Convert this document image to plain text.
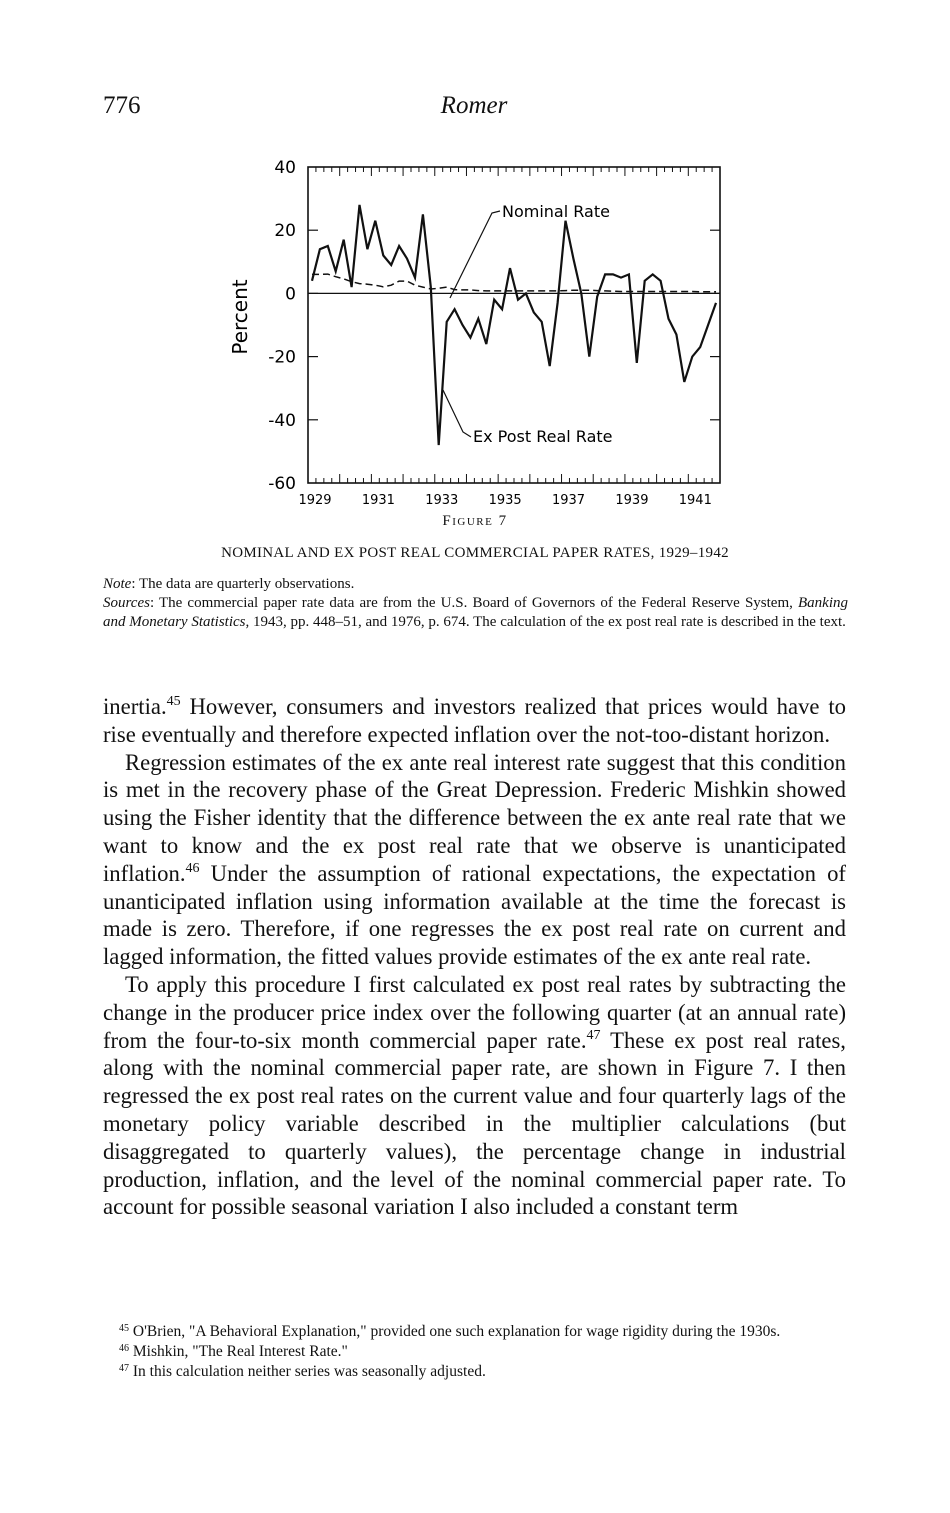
776	Romer
40
20
0
-20
-40
-60
1929 1931 1933 1935 1937 1939 1941
Percent
Nominal Rate
Ex Post Real Rate
Figure 7
NOMINAL AND EX POST REAL COMMERCIAL PAPER RATES, 1929–1942

Note: The data are quarterly observations.

Sources: The commercial paper rate data are from the U.S. Board of Governors of the Federal Reserve System, Banking and Monetary Statistics, 1943, pp. 448–51, and 1976, p. 674. The calculation of the ex post real rate is described in the text.

inertia.$^{45}$ However, consumers and investors realized that prices would have to rise eventually and therefore expected inflation over the not-too-distant horizon.

Regression estimates of the ex ante real interest rate suggest that this condition is met in the recovery phase of the Great Depression. Frederic Mishkin showed using the Fisher identity that the difference between the ex ante real rate that we want to know and the ex post real rate that we observe is unanticipated inflation.$^{46}$ Under the assumption of rational expectations, the expectation of unanticipated inflation using information available at the time the forecast is made is zero. Therefore, if one regresses the ex post real rate on current and lagged information, the fitted values provide estimates of the ex ante real rate.

To apply this procedure I first calculated ex post real rates by subtracting the change in the producer price index over the following quarter (at an annual rate) from the four-to-six month commercial paper rate.$^{47}$ These ex post real rates, along with the nominal commercial paper rate, are shown in Figure 7. I then regressed the ex post real rates on the current value and four quarterly lags of the monetary policy variable described in the multiplier calculations (but disaggregated to quarterly values), the percentage change in industrial production, inflation, and the level of the nominal commercial paper rate. To account for possible seasonal variation I also included a constant term

$^{45}$ O'Brien, "A Behavioral Explanation," provided one such explanation for wage rigidity during the 1930s.

$^{46}$ Mishkin, "The Real Interest Rate."

$^{47}$ In this calculation neither series was seasonally adjusted.
